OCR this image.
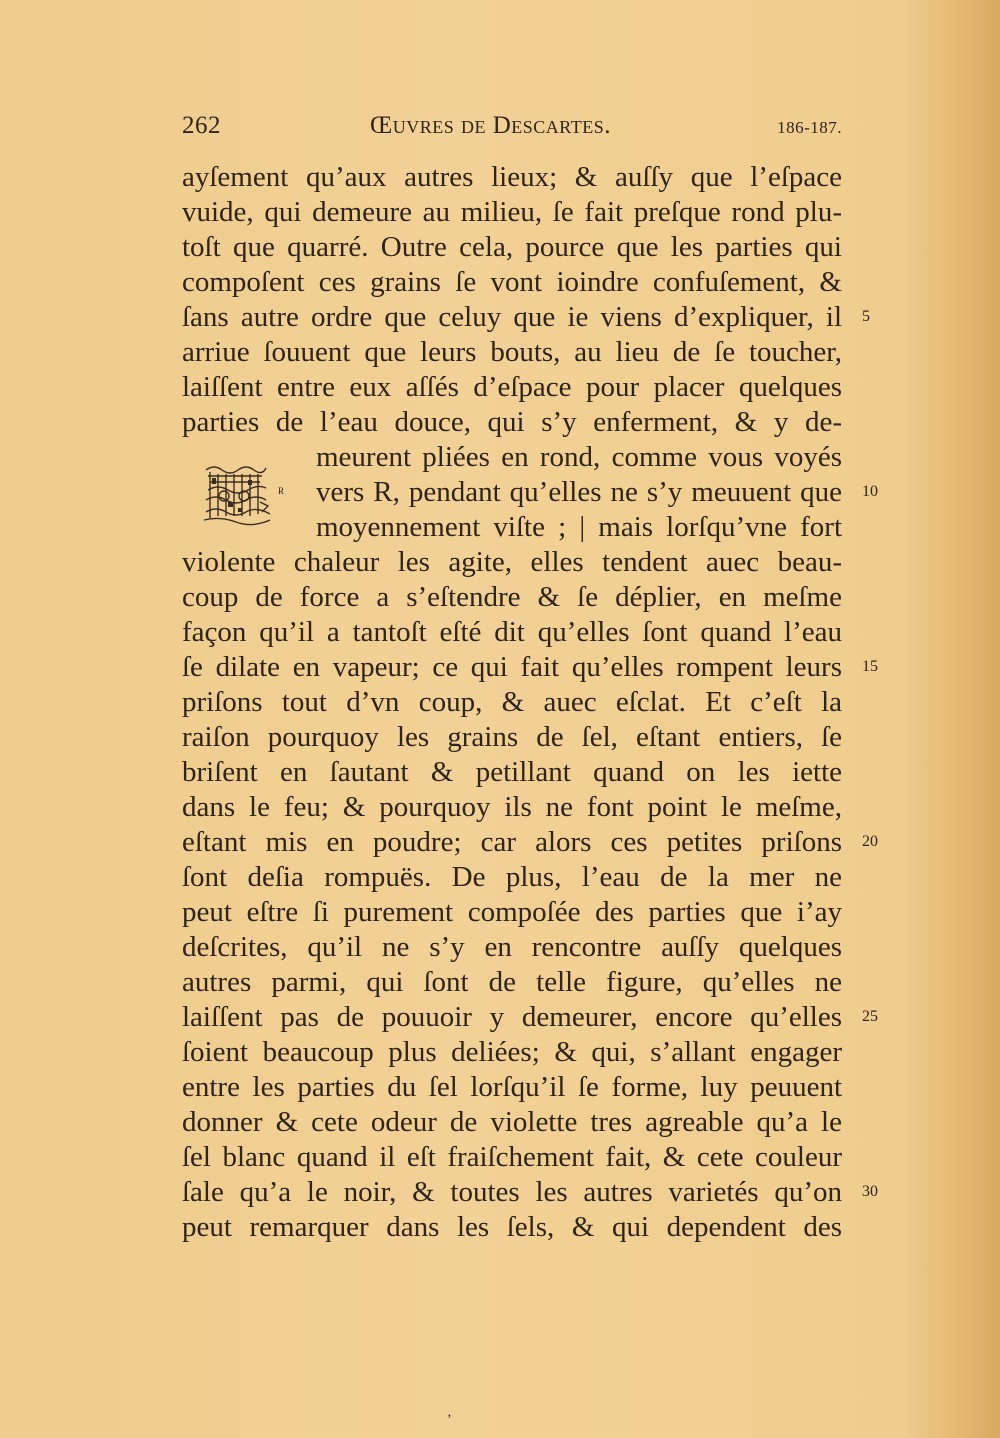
262	Œuvres de Descartes.	186-187.
ayſement qu’aux autres lieux; & auſſy que l’eſpace
vuide, qui demeure au milieu, ſe fait preſque rond plu-
toſt que quarré. Outre cela, pource que les parties qui
compoſent ces grains ſe vont ioindre confuſement, &
ſans autre ordre que celuy que ie viens d’expliquer, il
arriue ſouuent que leurs bouts, au lieu de ſe toucher,
laiſſent entre eux aſſés d’eſpace pour placer quelques
parties de l’eau douce, qui s’y enferment, & y de-
meurent pliées en rond, comme vous voyés
vers R, pendant qu’elles ne s’y meuuent que
moyennement viſte ; | mais lorſqu’vne fort
violente chaleur les agite, elles tendent auec beau-
coup de force a s’eſtendre & ſe déplier, en meſme
façon qu’il a tantoſt eſté dit qu’elles ſont quand l’eau
ſe dilate en vapeur; ce qui fait qu’elles rompent leurs
priſons tout d’vn coup, & auec eſclat. Et c’eſt la
raiſon pourquoy les grains de ſel, eſtant entiers, ſe
briſent en ſautant & petillant quand on les iette
dans le feu; & pourquoy ils ne font point le meſme,
eſtant mis en poudre; car alors ces petites priſons
ſont deſia rompuës. De plus, l’eau de la mer ne
peut eſtre ſi purement compoſée des parties que i’ay
deſcrites, qu’il ne s’y en rencontre auſſy quelques
autres parmi, qui ſont de telle figure, qu’elles ne
laiſſent pas de pouuoir y demeurer, encore qu’elles
ſoient beaucoup plus deliées; & qui, s’allant engager
entre les parties du ſel lorſqu’il ſe forme, luy peuuent
donner & cete odeur de violette tres agreable qu’a le
ſel blanc quand il eſt fraiſchement fait, & cete couleur
ſale qu’a le noir, & toutes les autres varietés qu’on
peut remarquer dans les ſels, & qui dependent des
5
10
15
20
25
30
R
‚
